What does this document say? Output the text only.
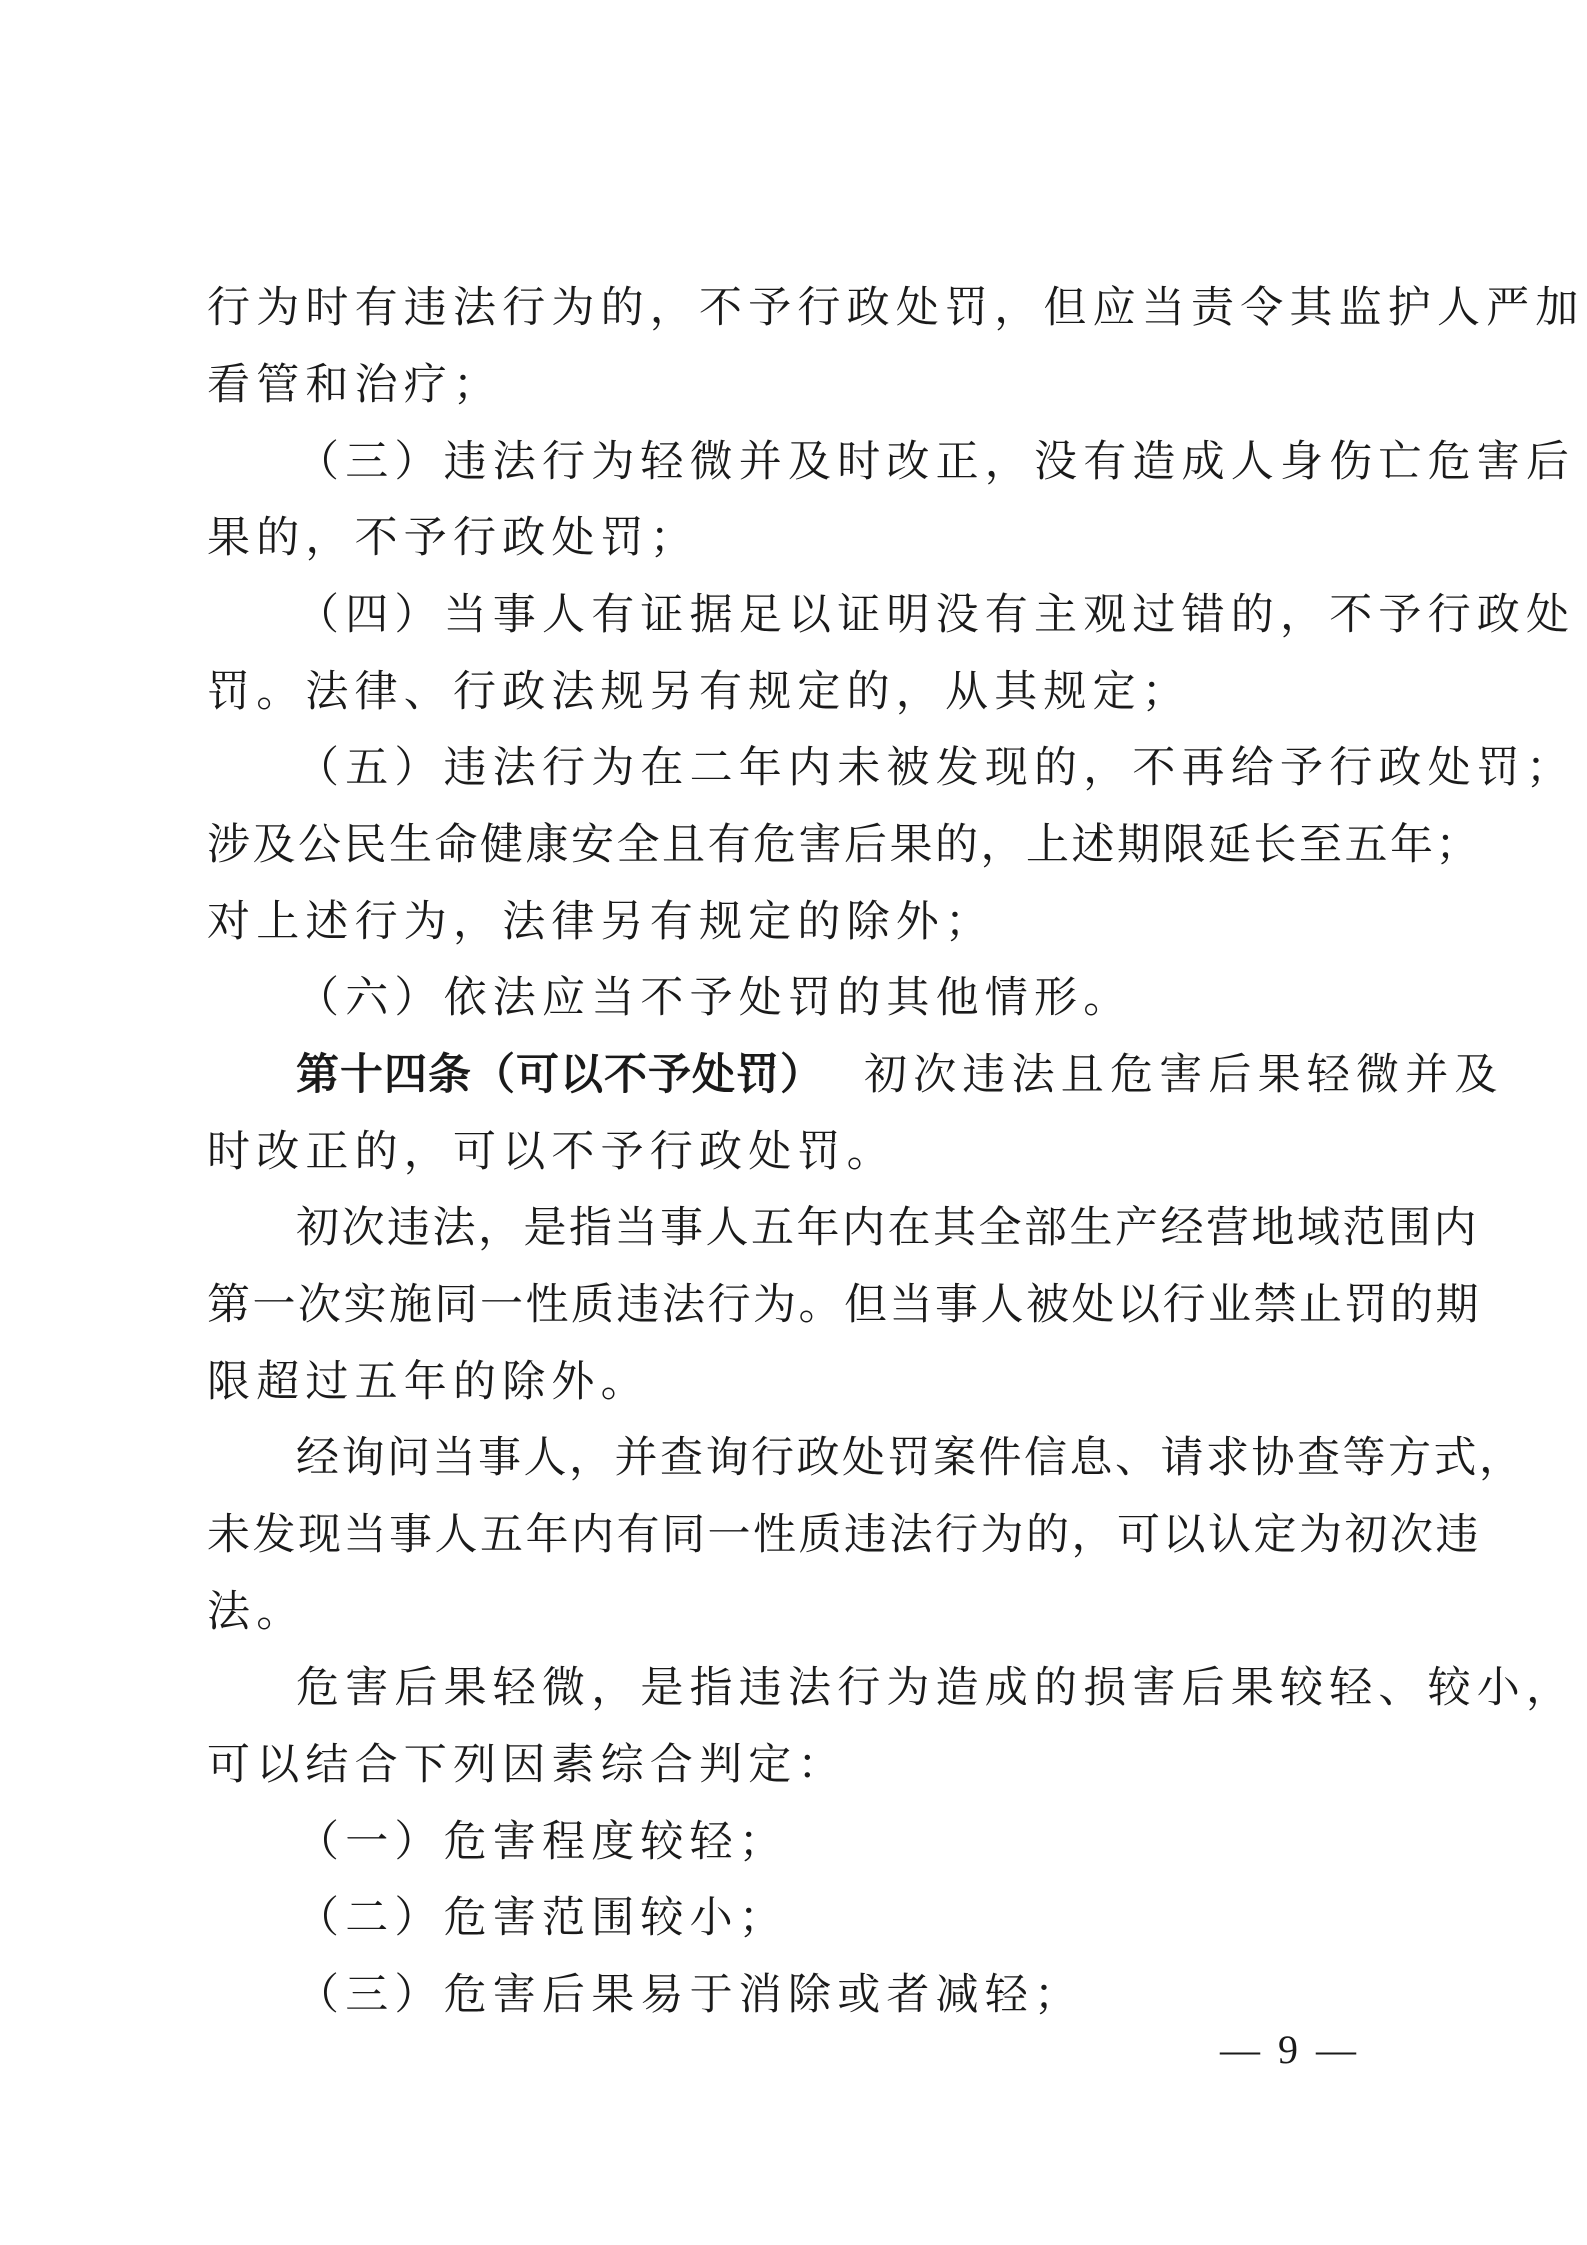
行为时有违法行为的，不予行政处罚，但应当责令其监护人严加
看管和治疗；
（三）违法行为轻微并及时改正，没有造成人身伤亡危害后
果的，不予行政处罚；
（四）当事人有证据足以证明没有主观过错的，不予行政处
罚。法律、行政法规另有规定的，从其规定；
（五）违法行为在二年内未被发现的，不再给予行政处罚；
涉及公民生命健康安全且有危害后果的，上述期限延长至五年；
对上述行为，法律另有规定的除外；
（六）依法应当不予处罚的其他情形。
第十四条（可以不予处罚） 初次违法且危害后果轻微并及
时改正的，可以不予行政处罚。
初次违法，是指当事人五年内在其全部生产经营地域范围内
第一次实施同一性质违法行为。但当事人被处以行业禁止罚的期
限超过五年的除外。
经询问当事人，并查询行政处罚案件信息、请求协查等方式，
未发现当事人五年内有同一性质违法行为的，可以认定为初次违
法。
危害后果轻微，是指违法行为造成的损害后果较轻、较小，
可以结合下列因素综合判定：
（一）危害程度较轻；
（二）危害范围较小；
（三）危害后果易于消除或者减轻；
— 9 —
